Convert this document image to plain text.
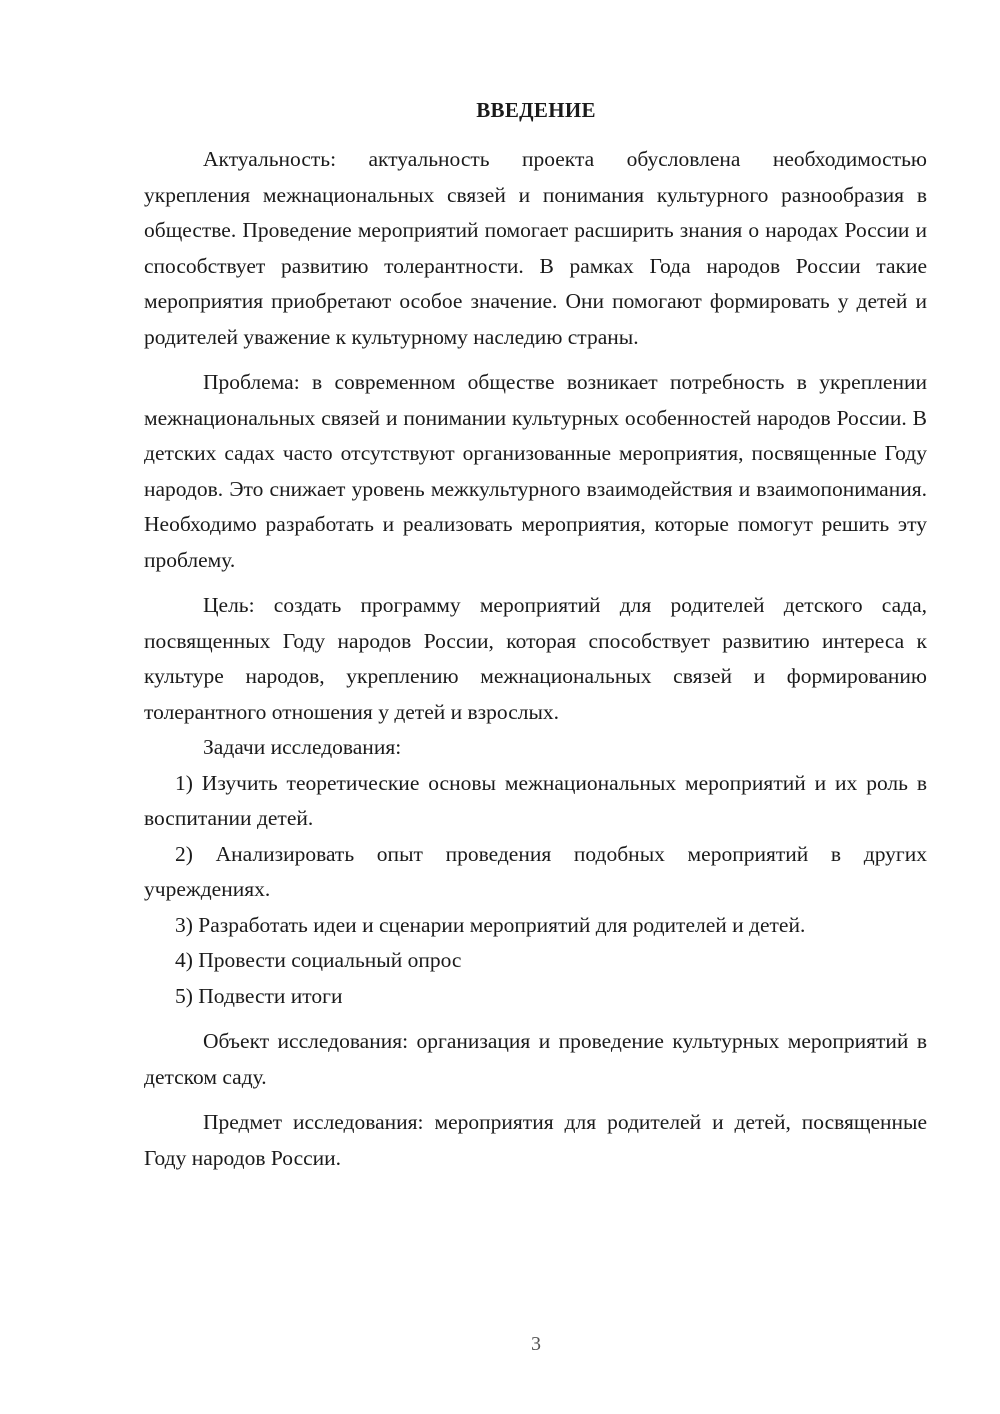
ВВЕДЕНИЕ

Актуальность: актуальность проекта обусловлена необходимостью укрепления межнациональных связей и понимания культурного разнообразия в обществе. Проведение мероприятий помогает расширить знания о народах России и способствует развитию толерантности. В рамках Года народов России такие мероприятия приобретают особое значение. Они помогают формировать у детей и родителей уважение к культурному наследию страны.

Проблема: в современном обществе возникает потребность в укреплении межнациональных связей и понимании культурных особенностей народов России. В детских садах часто отсутствуют организованные мероприятия, посвященные Году народов. Это снижает уровень межкультурного взаимодействия и взаимопонимания. Необходимо разработать и реализовать мероприятия, которые помогут решить эту проблему.

Цель: создать программу мероприятий для родителей детского сада, посвященных Году народов России, которая способствует развитию интереса к культуре народов, укреплению межнациональных связей и формированию толерантного отношения у детей и взрослых.

Задачи исследования:

1) Изучить теоретические основы межнациональных мероприятий и их роль в воспитании детей.

2) Анализировать опыт проведения подобных мероприятий в других учреждениях.

3) Разработать идеи и сценарии мероприятий для родителей и детей.

4) Провести социальный опрос

5) Подвести итоги

Объект исследования: организация и проведение культурных мероприятий в детском саду.

Предмет исследования: мероприятия для родителей и детей, посвященные Году народов России.

3
